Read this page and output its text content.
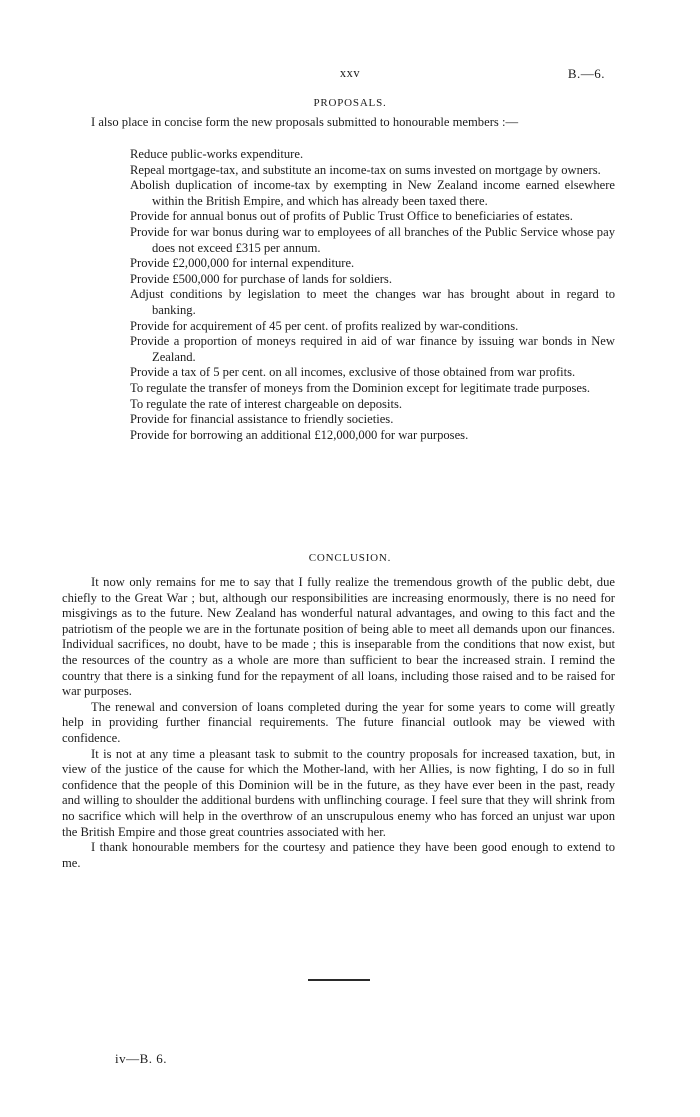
xxv	B.—6.
PROPOSALS.

I also place in concise form the new proposals submitted to honourable members :—

Reduce public-works expenditure.
Repeal mortgage-tax, and substitute an income-tax on sums invested on mortgage by owners.
Abolish duplication of income-tax by exempting in New Zealand income earned elsewhere within the British Empire, and which has already been taxed there.
Provide for annual bonus out of profits of Public Trust Office to beneficiaries of estates.
Provide for war bonus during war to employees of all branches of the Public Service whose pay does not exceed £315 per annum.
Provide £2,000,000 for internal expenditure.
Provide £500,000 for purchase of lands for soldiers.
Adjust conditions by legislation to meet the changes war has brought about in regard to banking.
Provide for acquirement of 45 per cent. of profits realized by war-conditions.
Provide a proportion of moneys required in aid of war finance by issuing war bonds in New Zealand.
Provide a tax of 5 per cent. on all incomes, exclusive of those obtained from war profits.
To regulate the transfer of moneys from the Dominion except for legitimate trade purposes.
To regulate the rate of interest chargeable on deposits.
Provide for financial assistance to friendly societies.
Provide for borrowing an additional £12,000,000 for war purposes.
CONCLUSION.

It now only remains for me to say that I fully realize the tremendous growth of the public debt, due chiefly to the Great War ; but, although our responsibilities are increasing enormously, there is no need for misgivings as to the future. New Zealand has wonderful natural advantages, and owing to this fact and the patriotism of the people we are in the fortunate position of being able to meet all demands upon our finances. Individual sacrifices, no doubt, have to be made ; this is inseparable from the conditions that now exist, but the resources of the country as a whole are more than sufficient to bear the increased strain. I remind the country that there is a sinking fund for the repayment of all loans, including those raised and to be raised for war purposes.

The renewal and conversion of loans completed during the year for some years to come will greatly help in providing further financial requirements. The future financial outlook may be viewed with confidence.

It is not at any time a pleasant task to submit to the country proposals for increased taxation, but, in view of the justice of the cause for which the Mother-land, with her Allies, is now fighting, I do so in full confidence that the people of this Dominion will be in the future, as they have ever been in the past, ready and willing to shoulder the additional burdens with unflinching courage. I feel sure that they will shrink from no sacrifice which will help in the overthrow of an unscrupulous enemy who has forced an unjust war upon the British Empire and those great countries associated with her.

I thank honourable members for the courtesy and patience they have been good enough to extend to me.

iv—B. 6.
